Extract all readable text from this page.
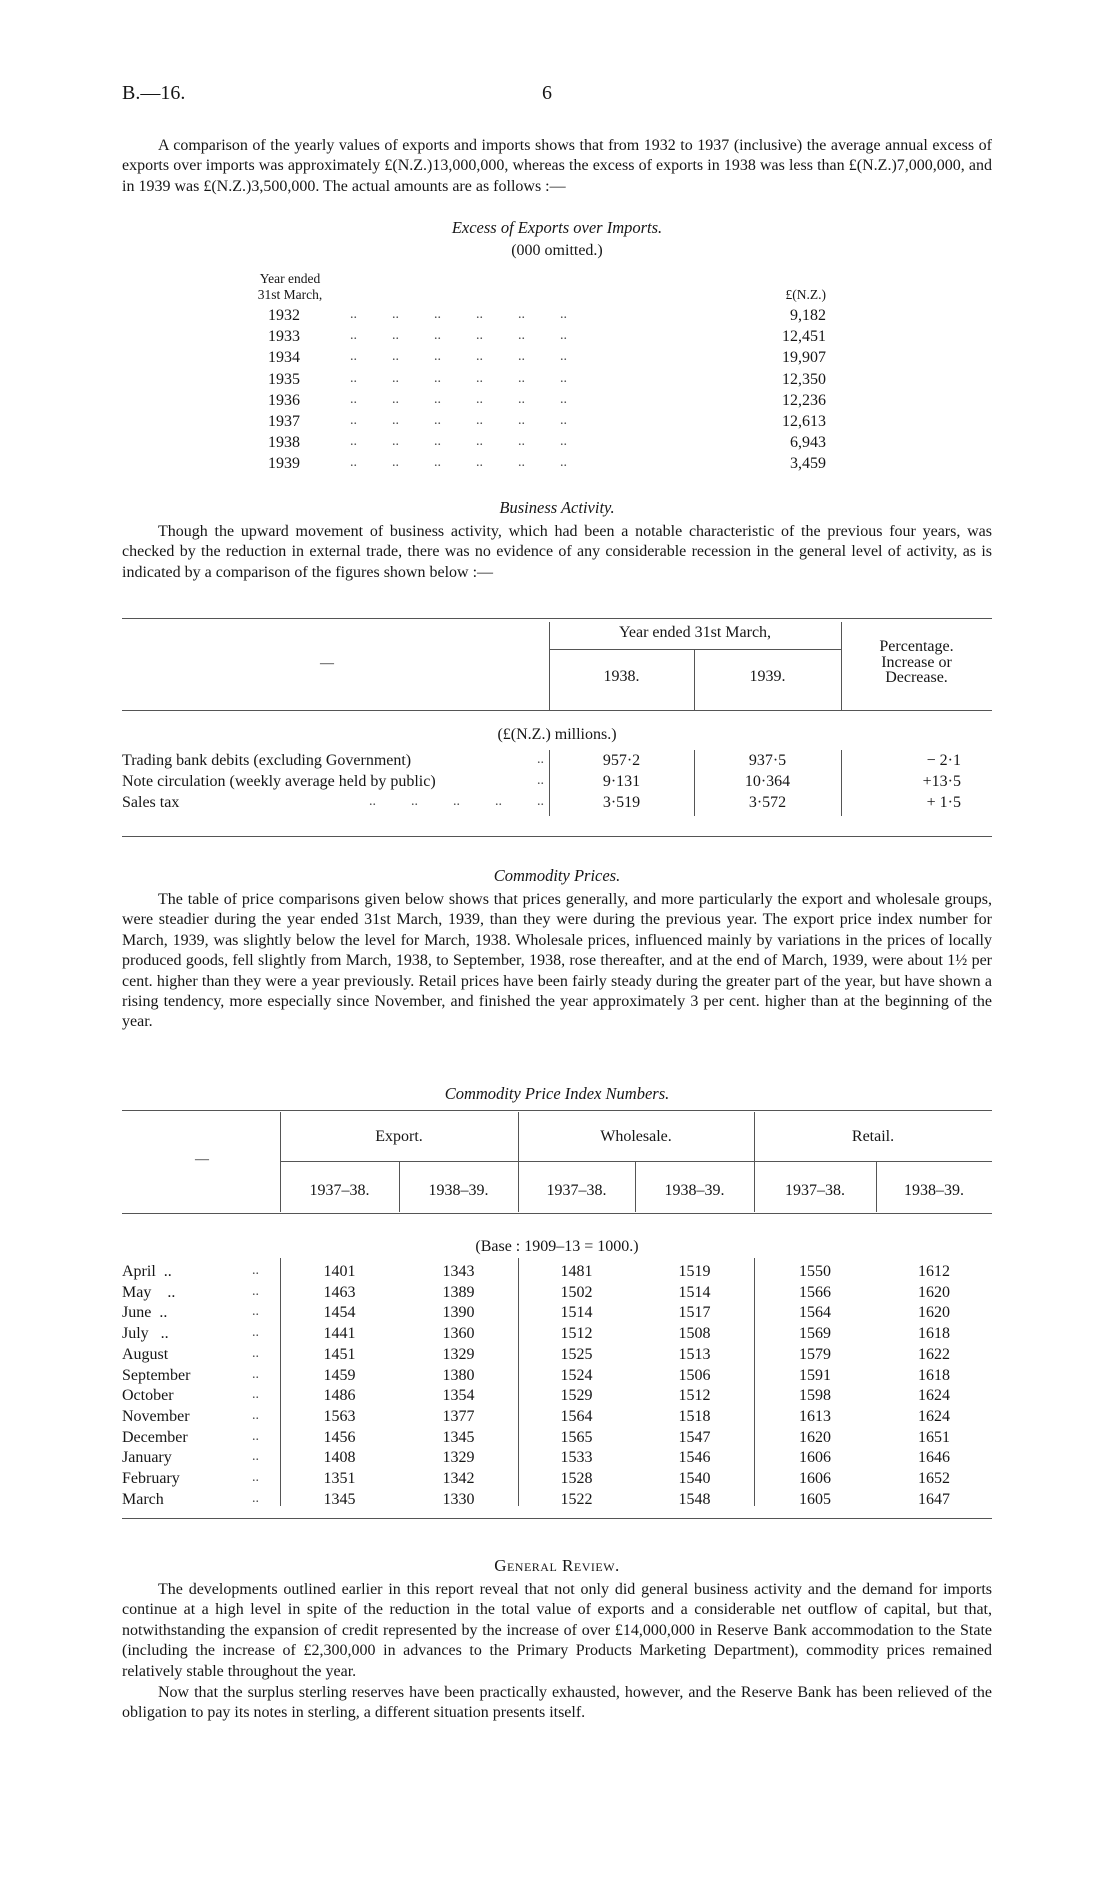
B.—16.	6

A comparison of the yearly values of exports and imports shows that from 1932 to 1937 (inclusive) the average annual excess of exports over imports was approximately £(N.Z.)13,000,000, whereas the excess of exports in 1938 was less than £(N.Z.)7,000,000, and in 1939 was £(N.Z.)3,500,000. The actual amounts are as follows :—

Excess of Exports over Imports.
(000 omitted.)
Year ended
31st March,	£(N.Z.)
1932	..          ..          ..          ..          ..          ..	9,182
1933	..          ..          ..          ..          ..          ..	12,451
1934	..          ..          ..          ..          ..          ..	19,907
1935	..          ..          ..          ..          ..          ..	12,350
1936	..          ..          ..          ..          ..          ..	12,236
1937	..          ..          ..          ..          ..          ..	12,613
1938	..          ..          ..          ..          ..          ..	6,943
1939	..          ..          ..          ..          ..          ..	3,459
Business Activity.

Though the upward movement of business activity, which had been a notable characteristic of the previous four years, was checked by the reduction in external trade, there was no evidence of any considerable recession in the general level of activity, as is indicated by a comparison of the figures shown below :—

Year ended 31st March,
—
1938.	1939.
Percentage.
Increase or
Decrease.
(£(N.Z.) millions.)
Trading bank debits (excluding Government)	..	957·2	937·5	− 2·1
Note circulation (weekly average held by public)	..	9·131	10·364	+13·5
Sales tax	..          ..          ..          ..          ..	3·519	3·572	+ 1·5
Commodity Prices.

The table of price comparisons given below shows that prices generally, and more particularly the export and wholesale groups, were steadier during the year ended 31st March, 1939, than they were during the previous year. The export price index number for March, 1939, was slightly below the level for March, 1938. Wholesale prices, influenced mainly by variations in the prices of locally produced goods, fell slightly from March, 1938, to September, 1938, rose thereafter, and at the end of March, 1939, were about 1½ per cent. higher than they were a year previously. Retail prices have been fairly steady during the greater part of the year, but have shown a rising tendency, more especially since November, and finished the year approximately 3 per cent. higher than at the beginning of the year.

Commodity Price Index Numbers.
—
Export.	Wholesale.	Retail.
1937–38.	1938–39.	1937–38.	1938–39.	1937–38.	1938–39.
(Base : 1909–13 = 1000.)
April  ..	..	1401	1343	1481	1519	1550	1612
May    ..	..	1463	1389	1502	1514	1566	1620
June  ..	..	1454	1390	1514	1517	1564	1620
July   ..	..	1441	1360	1512	1508	1569	1618
August	..	1451	1329	1525	1513	1579	1622
September	..	1459	1380	1524	1506	1591	1618
October	..	1486	1354	1529	1512	1598	1624
November	..	1563	1377	1564	1518	1613	1624
December	..	1456	1345	1565	1547	1620	1651
January	..	1408	1329	1533	1546	1606	1646
February	..	1351	1342	1528	1540	1606	1652
March	..	1345	1330	1522	1548	1605	1647
General Review.

The developments outlined earlier in this report reveal that not only did general business activity and the demand for imports continue at a high level in spite of the reduction in the total value of exports and a considerable net outflow of capital, but that, notwithstanding the expansion of credit represented by the increase of over £14,000,000 in Reserve Bank accommodation to the State (including the increase of £2,300,000 in advances to the Primary Products Marketing Department), commodity prices remained relatively stable throughout the year.

Now that the surplus sterling reserves have been practically exhausted, however, and the Reserve Bank has been relieved of the obligation to pay its notes in sterling, a different situation presents itself.
